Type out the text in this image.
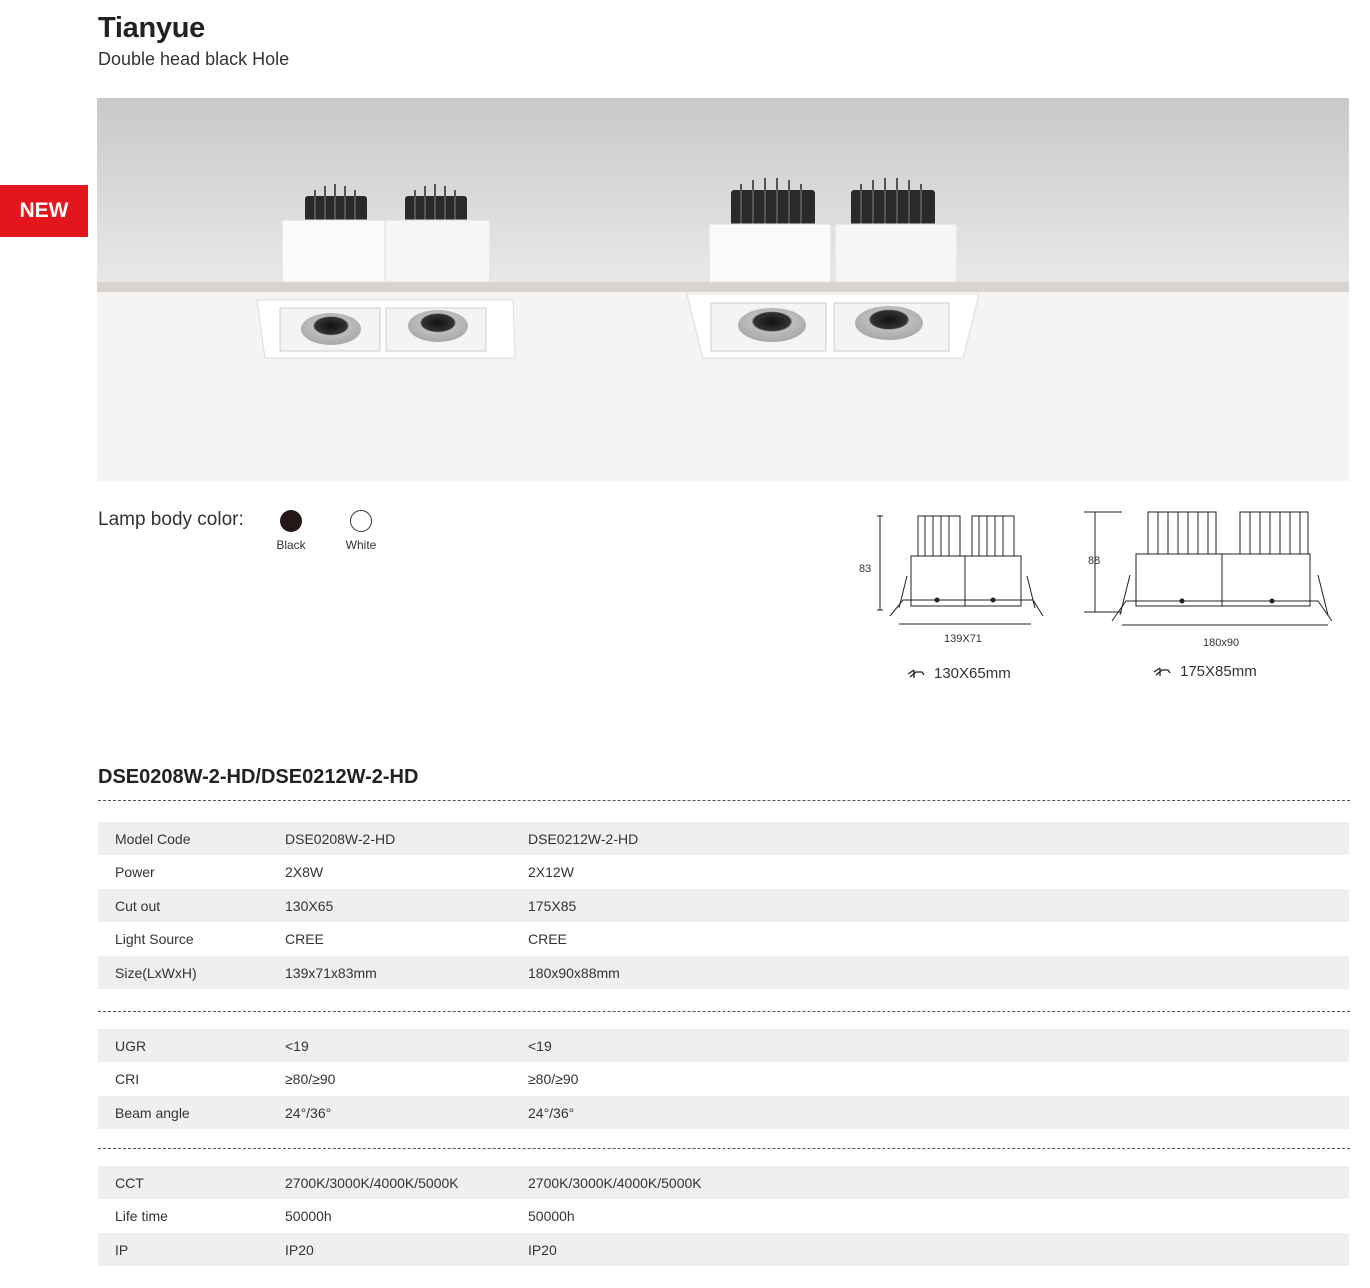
Tianyue
Double head black Hole
NEW
Lamp body color:
Black	White
83
139X71
130X65mm
88
180x90
175X85mm
DSE0208W-2-HD/DSE0212W-2-HD
Model Code	DSE0208W-2-HD	DSE0212W-2-HD
Power	2X8W	2X12W
Cut out	130X65	175X85
Light Source	CREE	CREE
Size(LxWxH)	139x71x83mm	180x90x88mm
UGR	<19	<19
CRI	≥80/≥90	≥80/≥90
Beam angle	24°/36°	24°/36°
CCT	2700K/3000K/4000K/5000K	2700K/3000K/4000K/5000K
Life time	50000h	50000h
IP	IP20	IP20
